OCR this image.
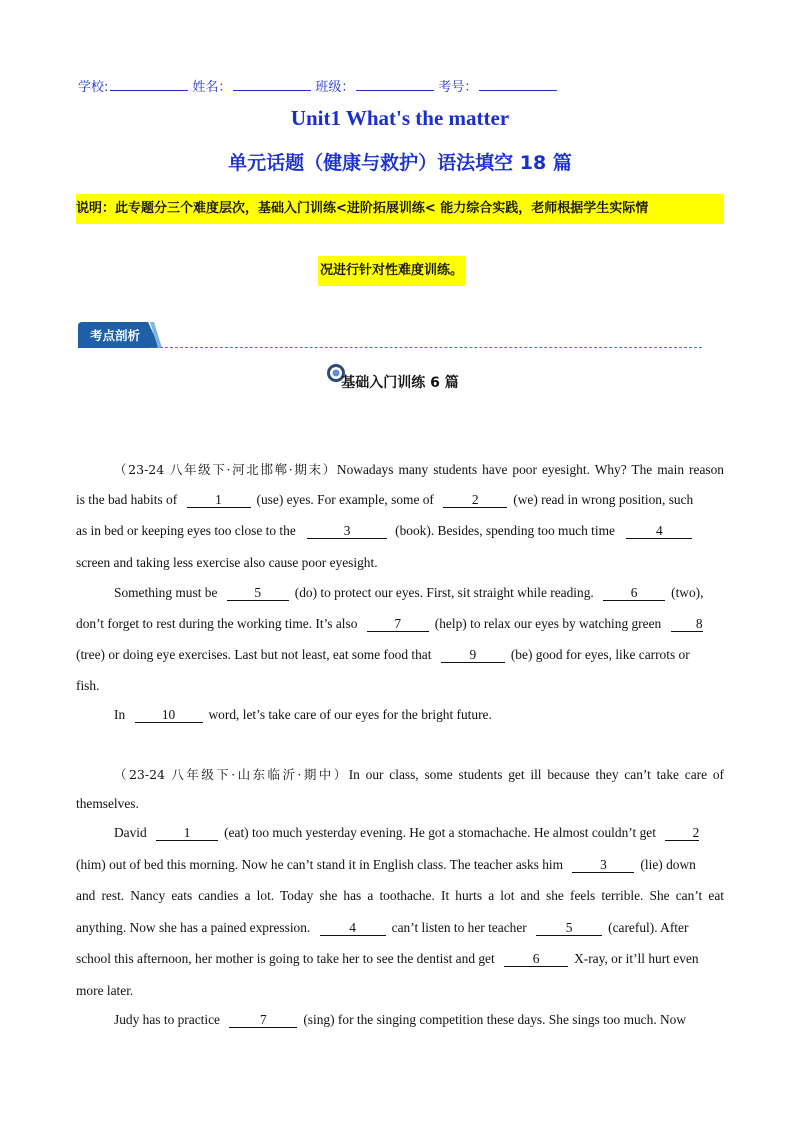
学校:	姓名：	班级：	考号：
Unit1 What's the matter
单元话题（健康与救护）语法填空 18 篇
说明：此专题分三个难度层次，基础入门训练<进阶拓展训练< 能力综合实践，老师根据学生实际情
况进行针对性难度训练。
考点剖析
基础入门训练 6 篇
（23-24 八年级下·河北邯郸·期末）Nowadays many students have poor eyesight. Why? The main reason
is the bad habits of	1	(use) eyes. For example, some of	2	(we) read in wrong position, such
as in bed or keeping eyes too close to the	3	(book). Besides, spending too much time	4
screen and taking less exercise also cause poor eyesight.
Something must be	5	(do) to protect our eyes. First, sit straight while reading.	6	(two),
don’t forget to rest during the working time. It’s also	7	(help) to relax our eyes by watching green	8
(tree) or doing eye exercises. Last but not least, eat some food that	9	(be) good for eyes, like carrots or
fish.
In	10 word, let’s take care of our eyes for the bright future.
（23-24 八年级下·山东临沂·期中）In our class, some students get ill because they can’t take care of
themselves.
David	1	(eat) too much yesterday evening. He got a stomachache. He almost couldn’t get	2
(him) out of bed this morning. Now he can’t stand it in English class. The teacher asks him	3	(lie) down
and rest. Nancy eats candies a lot. Today she has a toothache. It hurts a lot and she feels terrible. She can’t eat
anything. Now she has a pained expression.	4	can’t listen to her teacher	5	(careful). After
school this afternoon, her mother is going to take her to see the dentist and get	6	X-ray, or it’ll hurt even
more later.
Judy has to practice	7	(sing) for the singing competition these days. She sings too much. Now
